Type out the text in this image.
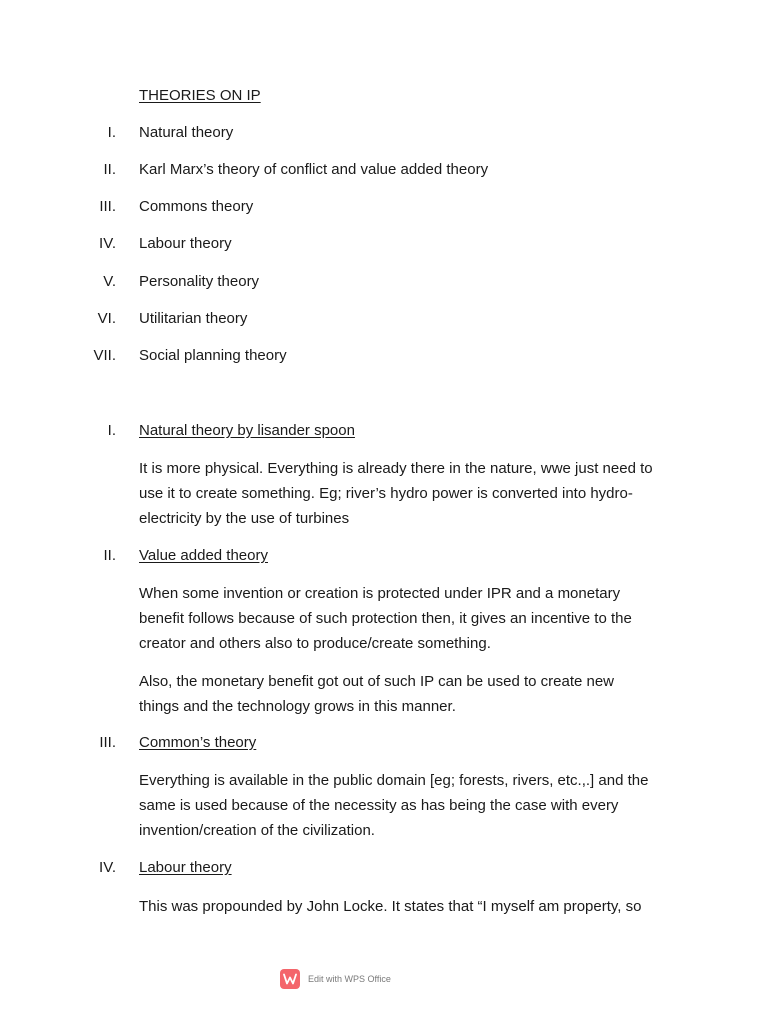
THEORIES ON IP
I. Natural theory
II. Karl Marx’s theory of conflict and value added theory
III. Commons theory
IV. Labour theory
V. Personality theory
VI. Utilitarian theory
VII. Social planning theory
I. Natural theory by lisander spoon
It is more physical. Everything is already there in the nature, wwe just need to
use it to create something. Eg; river’s hydro power is converted into hydro-
electricity by the use of turbines
II. Value added theory
When some invention or creation is protected under IPR and a monetary
benefit follows because of such protection then, it gives an incentive to the
creator and others also to produce/create something.
Also, the monetary benefit got out of such IP can be used to create new
things and the technology grows in this manner.
III. Common’s theory
Everything is available in the public domain [eg; forests, rivers, etc.,.] and the
same is used because of the necessity as has being the case with every
invention/creation of the civilization.
IV. Labour theory
This was propounded by John Locke. It states that “I myself am property, so
Edit with WPS Office
